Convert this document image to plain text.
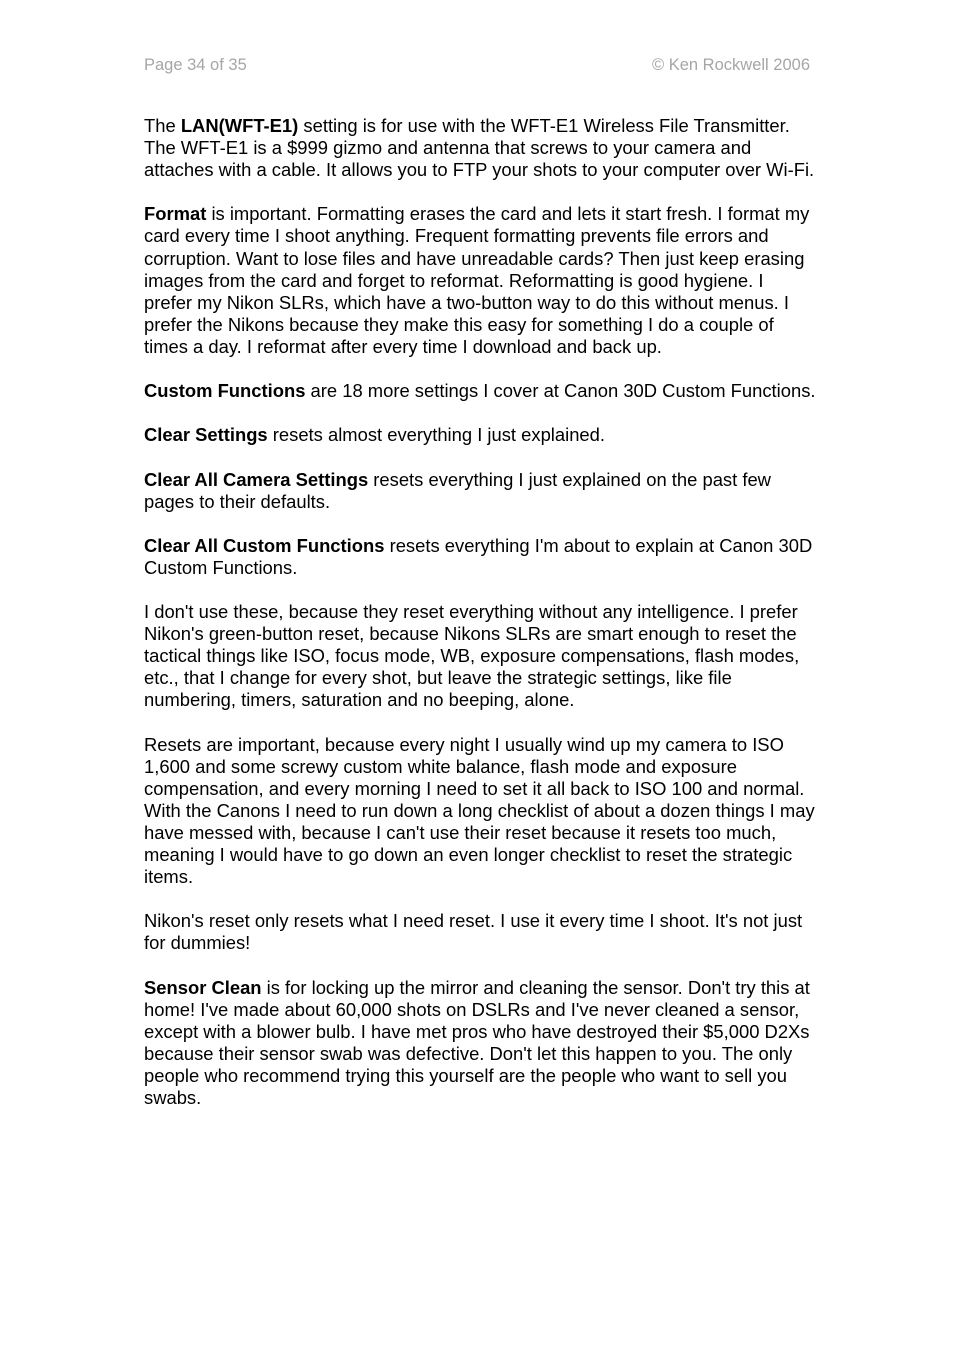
Page 34 of 35	© Ken Rockwell 2006

The LAN(WFT-E1) setting is for use with the WFT-E1 Wireless File Transmitter. The WFT-E1 is a $999 gizmo and antenna that screws to your camera and attaches with a cable. It allows you to FTP your shots to your computer over Wi-Fi.

Format is important. Formatting erases the card and lets it start fresh. I format my card every time I shoot anything. Frequent formatting prevents file errors and corruption. Want to lose files and have unreadable cards? Then just keep erasing images from the card and forget to reformat. Reformatting is good hygiene. I prefer my Nikon SLRs, which have a two-button way to do this without menus. I prefer the Nikons because they make this easy for something I do a couple of times a day. I reformat after every time I download and back up.

Custom Functions are 18 more settings I cover at Canon 30D Custom Functions.

Clear Settings resets almost everything I just explained.

Clear All Camera Settings resets everything I just explained on the past few pages to their defaults.

Clear All Custom Functions resets everything I'm about to explain at Canon 30D Custom Functions.

I don't use these, because they reset everything without any intelligence. I prefer Nikon's green-button reset, because Nikons SLRs are smart enough to reset the tactical things like ISO, focus mode, WB, exposure compensations, flash modes, etc., that I change for every shot, but leave the strategic settings, like file numbering, timers, saturation and no beeping, alone.

Resets are important, because every night I usually wind up my camera to ISO 1,600 and some screwy custom white balance, flash mode and exposure compensation, and every morning I need to set it all back to ISO 100 and normal. With the Canons I need to run down a long checklist of about a dozen things I may have messed with, because I can't use their reset because it resets too much, meaning I would have to go down an even longer checklist to reset the strategic items.

Nikon's reset only resets what I need reset. I use it every time I shoot. It's not just for dummies!

Sensor Clean is for locking up the mirror and cleaning the sensor. Don't try this at home! I've made about 60,000 shots on DSLRs and I've never cleaned a sensor, except with a blower bulb. I have met pros who have destroyed their $5,000 D2Xs because their sensor swab was defective. Don't let this happen to you. The only people who recommend trying this yourself are the people who want to sell you swabs.
